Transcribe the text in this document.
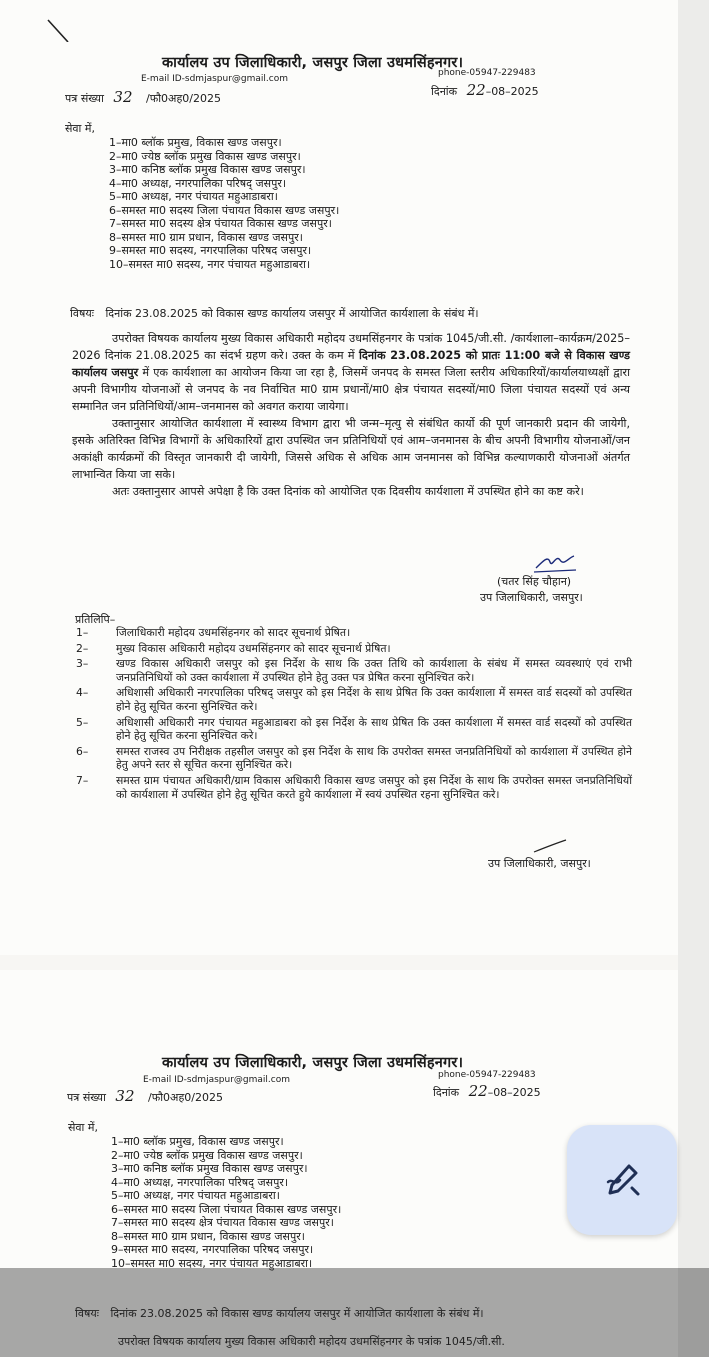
कार्यालय उप जिलाधिकारी, जसपुर जिला उधमसिंहनगर।
E-mail ID-sdmjaspur@gmail.com
phone-05947-229483
पत्र संख्या 32 /फौ0अह0/2025
दिनांक 22–08–2025
सेवा में,
1–मा0 ब्लॉक प्रमुख, विकास खण्ड जसपुर।
2–मा0 ज्येष्ठ ब्लॉक प्रमुख विकास खण्ड जसपुर।
3–मा0 कनिष्ठ ब्लॉक प्रमुख विकास खण्ड जसपुर।
4–मा0 अध्यक्ष, नगरपालिका परिषद् जसपुर।
5–मा0 अध्यक्ष, नगर पंचायत महुआडाबरा।
6–समस्त मा0 सदस्य जिला पंचायत विकास खण्ड जसपुर।
7–समस्त मा0 सदस्य क्षेत्र पंचायत विकास खण्ड जसपुर।
8–समस्त मा0 ग्राम प्रधान, विकास खण्ड जसपुर।
9–समस्त मा0 सदस्य, नगरपालिका परिषद जसपुर।
10–समस्त मा0 सदस्य, नगर पंचायत महुआडाबरा।
विषयः दिनांक 23.08.2025 को विकास खण्ड कार्यालय जसपुर में आयोजित कार्यशाला के संबंध में।

उपरोक्त विषयक कार्यालय मुख्य विकास अधिकारी महोदय उधमसिंहनगर के पत्रांक 1045/जी.सी. /कार्यशाला–कार्यक्रम/2025–2026 दिनांक 21.08.2025 का संदर्भ ग्रहण करे। उक्त के कम में दिनांक 23.08.2025 को प्रातः 11:00 बजे से विकास खण्ड कार्यालय जसपुर में एक कार्यशाला का आयोजन किया जा रहा है, जिसमें जनपद के समस्त जिला स्तरीय अधिकारियों/कार्यालयाध्यक्षों द्वारा अपनी विभागीय योजनाओं से जनपद के नव निर्वाचित मा0 ग्राम प्रधानों/मा0 क्षेत्र पंचायत सदस्यों/मा0 जिला पंचायत सदस्यों एवं अन्य सम्मानित जन प्रतिनिधियों/आम–जनमानस को अवगत कराया जायेगा।

उक्तानुसार आयोजित कार्यशाला में स्वास्थ्य विभाग द्वारा भी जन्म–मृत्यु से संबंधित कार्यो की पूर्ण जानकारी प्रदान की जायेगी, इसके अतिरिक्त विभिन्न विभागों के अधिकारियों द्वारा उपस्थित जन प्रतिनिधियों एवं आम–जनमानस के बीच अपनी विभागीय योजनाओं/जन अकांक्षी कार्यक्रमों की विस्तृत जानकारी दी जायेगी, जिससे अधिक से अधिक आम जनमानस को विभिन्न कल्याणकारी योजनाओं अंतर्गत लाभान्वित किया जा सके।

अतः उक्तानुसार आपसे अपेक्षा है कि उक्त दिनांक को आयोजित एक दिवसीय कार्यशाला में उपस्थित होने का कष्ट करे।

(चतर सिंह चौहान)
उप जिलाधिकारी, जसपुर।
प्रतिलिपि–
1–	जिलाधिकारी महोदय उधमसिंहनगर को सादर सूचनार्थ प्रेषित।
2–	मुख्य विकास अधिकारी महोदय उधमसिंहनगर को सादर सूचनार्थ प्रेषित।
3–	खण्ड विकास अधिकारी जसपुर को इस निर्देश के साथ कि उक्त तिथि को कार्यशाला के संबंध में समस्त व्यवस्थाएं एवं राभी जनप्रतिनिधियों को उक्त कार्यशाला में उपस्थित होने हेतु उक्त पत्र प्रेषित करना सुनिश्चित करे।
4–	अधिशासी अधिकारी नगरपालिका परिषद् जसपुर को इस निर्देश के साथ प्रेषित कि उक्त कार्यशाला में समस्त वार्ड सदस्यों को उपस्थित होने हेतु सूचित करना सुनिश्चित करे।
5–	अधिशासी अधिकारी नगर पंचायत महुआडाबरा को इस निर्देश के साथ प्रेषित कि उक्त कार्यशाला में समस्त वार्ड सदस्यों को उपस्थित होने हेतु सूचित करना सुनिश्चित करे।
6–	समस्त राजस्व उप निरीक्षक तहसील जसपुर को इस निर्देश के साथ कि उपरोक्त समस्त जनप्रतिनिधियों को कार्यशाला में उपस्थित होने हेतु अपने स्तर से सूचित करना सुनिश्चित करे।
7–	समस्त ग्राम पंचायत अधिकारी/ग्राम विकास अधिकारी विकास खण्ड जसपुर को इस निर्देश के साथ कि उपरोक्त समस्त जनप्रतिनिधियों को कार्यशाला में उपस्थित होने हेतु सूचित करते हुये कार्यशाला में स्वयं उपस्थित रहना सुनिश्चित करे।
उप जिलाधिकारी, जसपुर।
कार्यालय उप जिलाधिकारी, जसपुर जिला उधमसिंहनगर।
E-mail ID-sdmjaspur@gmail.com	phone-05947-229483
पत्र संख्या 32 /फौ0अह0/2025	दिनांक 22–08–2025
सेवा में,
1–मा0 ब्लॉक प्रमुख, विकास खण्ड जसपुर।
2–मा0 ज्येष्ठ ब्लॉक प्रमुख विकास खण्ड जसपुर।
3–मा0 कनिष्ठ ब्लॉक प्रमुख विकास खण्ड जसपुर।
4–मा0 अध्यक्ष, नगरपालिका परिषद् जसपुर।
5–मा0 अध्यक्ष, नगर पंचायत महुआडाबरा।
6–समस्त मा0 सदस्य जिला पंचायत विकास खण्ड जसपुर।
7–समस्त मा0 सदस्य क्षेत्र पंचायत विकास खण्ड जसपुर।
8–समस्त मा0 ग्राम प्रधान, विकास खण्ड जसपुर।
9–समस्त मा0 सदस्य, नगरपालिका परिषद जसपुर।
10–समस्त मा0 सदस्य, नगर पंचायत महुआडाबरा।
विषयः दिनांक 23.08.2025 को विकास खण्ड कार्यालय जसपुर में आयोजित कार्यशाला के संबंध में।
उपरोक्त विषयक कार्यालय मुख्य विकास अधिकारी महोदय उधमसिंहनगर के पत्रांक 1045/जी.सी.
